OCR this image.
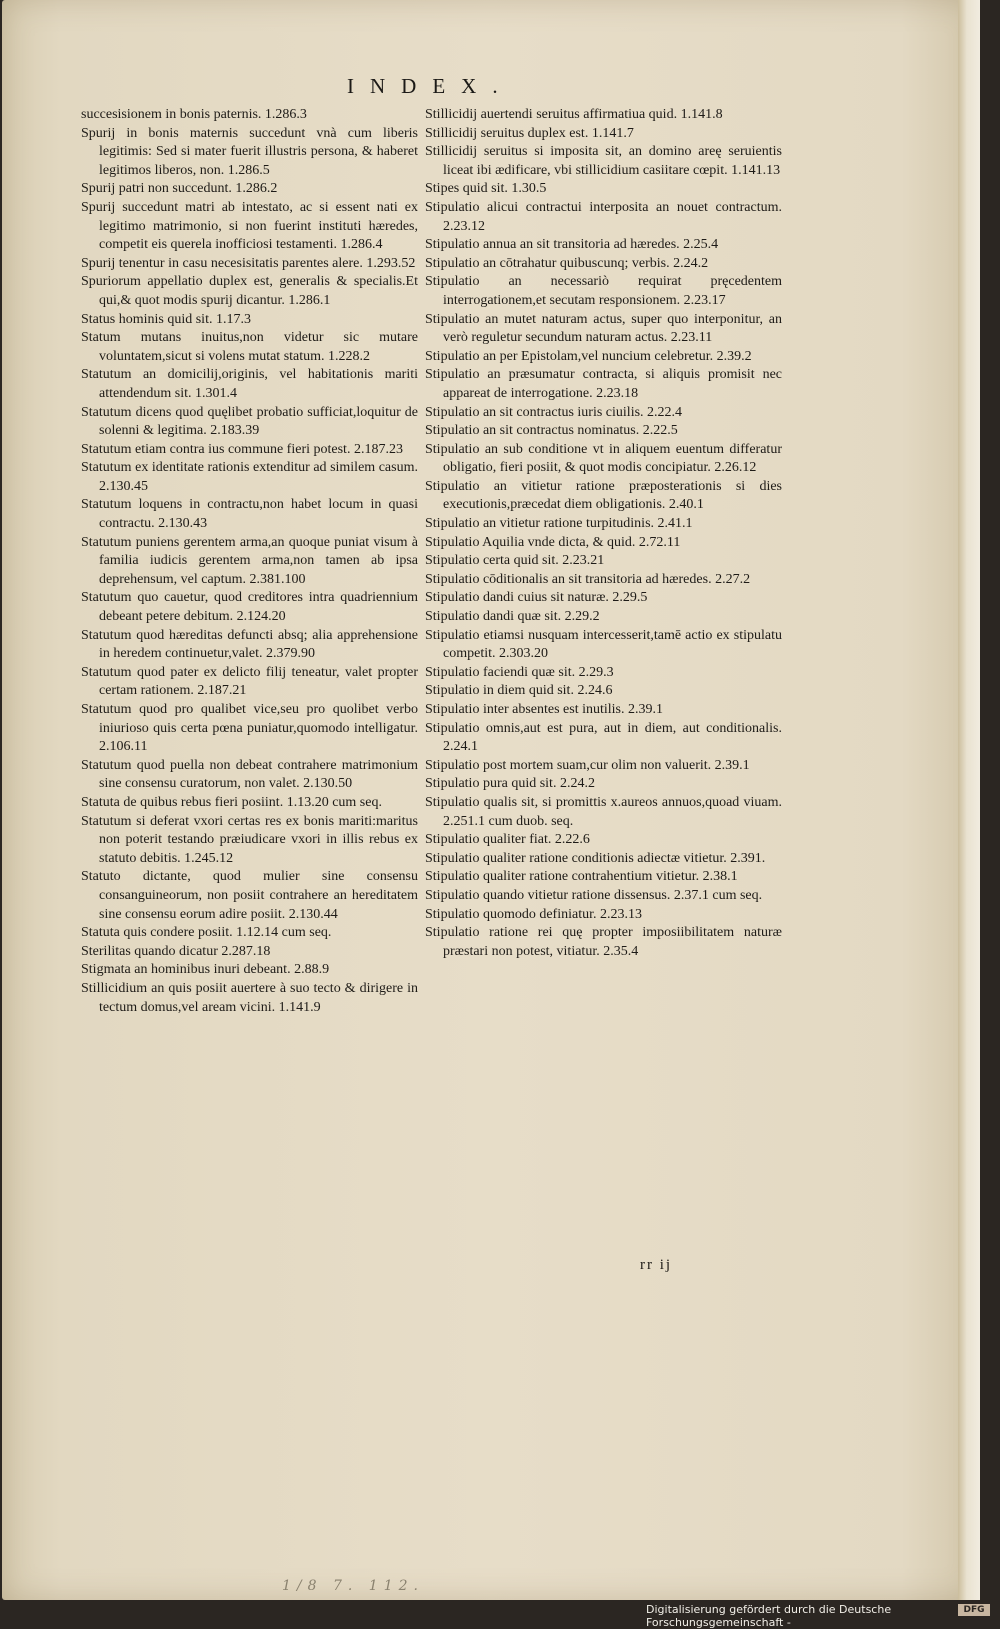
INDEX.
succesisionem in bonis paternis. 1.286.3
Spurij in bonis maternis succedunt vnà cum liberis legitimis: Sed si mater fuerit illustris persona, & haberet legitimos liberos, non. 1.286.5
Spurij patri non succedunt. 1.286.2
Spurij succedunt matri ab intestato, ac si essent nati ex legitimo matrimonio, si non fuerint instituti hæredes, competit eis querela inofficiosi testamenti. 1.286.4
Spurij tenentur in casu necesisitatis parentes alere. 1.293.52
Spuriorum appellatio duplex est, generalis & specialis.Et qui,& quot modis spurij dicantur. 1.286.1
Status hominis quid sit. 1.17.3
Statum mutans inuitus,non videtur sic mutare voluntatem,sicut si volens mutat statum. 1.228.2
Statutum an domicilij,originis, vel habitationis mariti attendendum sit. 1.301.4
Statutum dicens quod quęlibet probatio sufficiat,loquitur de solenni & legitima. 2.183.39
Statutum etiam contra ius commune fieri potest. 2.187.23
Statutum ex identitate rationis extenditur ad similem casum. 2.130.45
Statutum loquens in contractu,non habet locum in quasi contractu. 2.130.43
Statutum puniens gerentem arma,an quoque puniat visum à familia iudicis gerentem arma,non tamen ab ipsa deprehensum, vel captum. 2.381.100
Statutum quo cauetur, quod creditores intra quadriennium debeant petere debitum. 2.124.20
Statutum quod hæreditas defuncti absq; alia apprehensione in heredem continuetur,valet. 2.379.90
Statutum quod pater ex delicto filij teneatur, valet propter certam rationem. 2.187.21
Statutum quod pro qualibet vice,seu pro quolibet verbo iniurioso quis certa pœna puniatur,quomodo intelligatur. 2.106.11
Statutum quod puella non debeat contrahere matrimonium sine consensu curatorum, non valet. 2.130.50
Statuta de quibus rebus fieri posiint. 1.13.20 cum seq.
Statutum si deferat vxori certas res ex bonis mariti:maritus non poterit testando præiudicare vxori in illis rebus ex statuto debitis. 1.245.12
Statuto dictante, quod mulier sine consensu consanguineorum, non posiit contrahere an hereditatem sine consensu eorum adire posiit. 2.130.44
Statuta quis condere posiit. 1.12.14 cum seq.
Sterilitas quando dicatur 2.287.18
Stigmata an hominibus inuri debeant. 2.88.9
Stillicidium an quis posiit auertere à suo tecto & dirigere in tectum domus,vel aream vicini. 1.141.9
Stillicidij auertendi seruitus affirmatiua quid. 1.141.8
Stillicidij seruitus duplex est. 1.141.7
Stillicidij seruitus si imposita sit, an domino areę seruientis liceat ibi ædificare, vbi stillicidium casiitare cœpit. 1.141.13
Stipes quid sit. 1.30.5
Stipulatio alicui contractui interposita an nouet contractum. 2.23.12
Stipulatio annua an sit transitoria ad hæredes. 2.25.4
Stipulatio an cōtrahatur quibuscunq; verbis. 2.24.2
Stipulatio an necessariò requirat pręcedentem interrogationem,et secutam responsionem. 2.23.17
Stipulatio an mutet naturam actus, super quo interponitur, an verò reguletur secundum naturam actus. 2.23.11
Stipulatio an per Epistolam,vel nuncium celebretur. 2.39.2
Stipulatio an præsumatur contracta, si aliquis promisit nec appareat de interrogatione. 2.23.18
Stipulatio an sit contractus iuris ciuilis. 2.22.4
Stipulatio an sit contractus nominatus. 2.22.5
Stipulatio an sub conditione vt in aliquem euentum differatur obligatio, fieri posiit, & quot modis concipiatur. 2.26.12
Stipulatio an vitietur ratione præposterationis si dies executionis,præcedat diem obligationis. 2.40.1
Stipulatio an vitietur ratione turpitudinis. 2.41.1
Stipulatio Aquilia vnde dicta, & quid. 2.72.11
Stipulatio certa quid sit. 2.23.21
Stipulatio cōditionalis an sit transitoria ad hæredes. 2.27.2
Stipulatio dandi cuius sit naturæ. 2.29.5
Stipulatio dandi quæ sit. 2.29.2
Stipulatio etiamsi nusquam intercesserit,tamē actio ex stipulatu competit. 2.303.20
Stipulatio faciendi quæ sit. 2.29.3
Stipulatio in diem quid sit. 2.24.6
Stipulatio inter absentes est inutilis. 2.39.1
Stipulatio omnis,aut est pura, aut in diem, aut conditionalis. 2.24.1
Stipulatio post mortem suam,cur olim non valuerit. 2.39.1
Stipulatio pura quid sit. 2.24.2
Stipulatio qualis sit, si promittis x.aureos annuos,quoad viuam. 2.251.1 cum duob. seq.
Stipulatio qualiter fiat. 2.22.6
Stipulatio qualiter ratione conditionis adiectæ vitietur. 2.391.
Stipulatio qualiter ratione contrahentium vitietur. 2.38.1
Stipulatio quando vitietur ratione dissensus. 2.37.1 cum seq.
Stipulatio quomodo definiatur. 2.23.13
Stipulatio ratione rei quę propter imposiibilitatem naturæ præstari non potest, vitiatur. 2.35.4
rr ij
1/8 7. 112.
Digitalisierung gefördert durch die Deutsche Forschungsgemeinschaft -
DFG
